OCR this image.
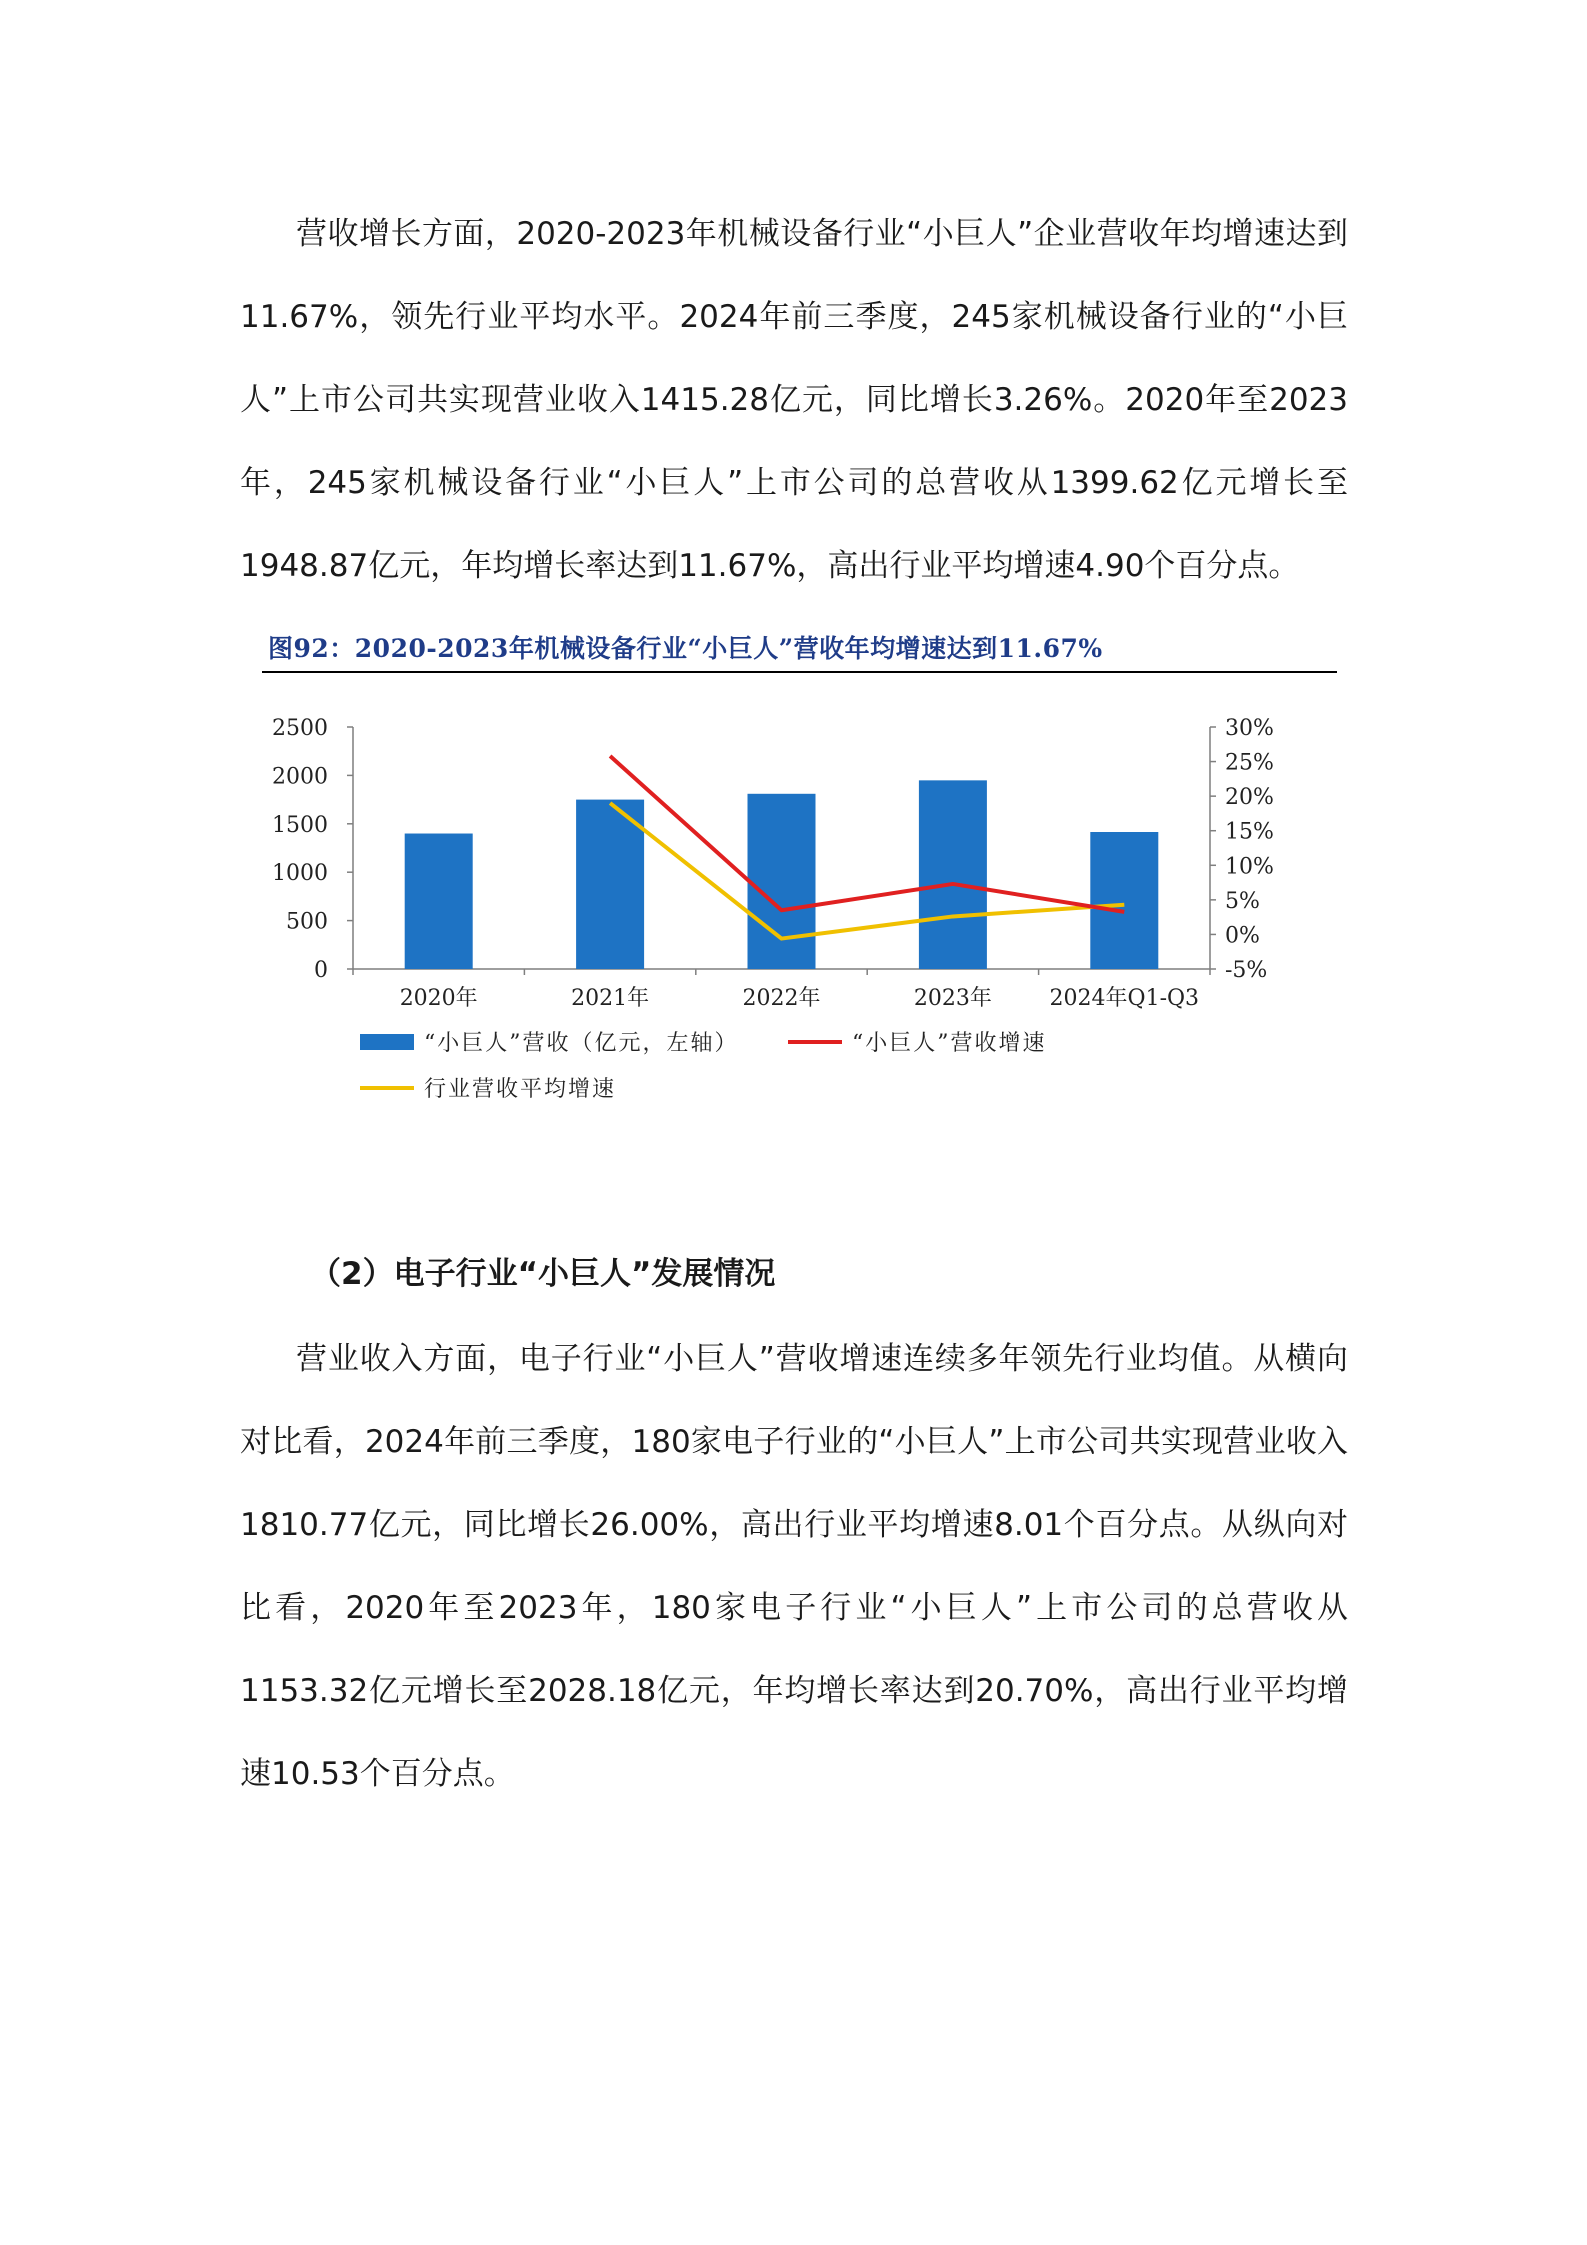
营收增长方面，2020-2023年机械设备行业“小巨人”企业营收年均增速达到11.67%，领先行业平均水平。2024年前三季度，245家机械设备行业的“小巨人”上市公司共实现营业收入1415.28亿元，同比增长3.26%。2020年至2023年，245家机械设备行业“小巨人”上市公司的总营收从1399.62亿元增长至1948.87亿元，年均增长率达到11.67%，高出行业平均增速4.90个百分点。

图92：2020-2023年机械设备行业“小巨人”营收年均增速达到11.67%
2500
2000
1500
1000
500
0
30%
25%
20%
15%
10%
5%
0%
-5%
2020年	2021年	2022年	2023年	2024年Q1-Q3
“小巨人”营收（亿元，左轴）	“小巨人”营收增速
行业营收平均增速
（2）电子行业“小巨人”发展情况

营业收入方面，电子行业“小巨人”营收增速连续多年领先行业均值。从横向对比看，2024年前三季度，180家电子行业的“小巨人”上市公司共实现营业收入1810.77亿元，同比增长26.00%，高出行业平均增速8.01个百分点。从纵向对比看，2020年至2023年，180家电子行业“小巨人”上市公司的总营收从1153.32亿元增长至2028.18亿元，年均增长率达到20.70%，高出行业平均增速10.53个百分点。
